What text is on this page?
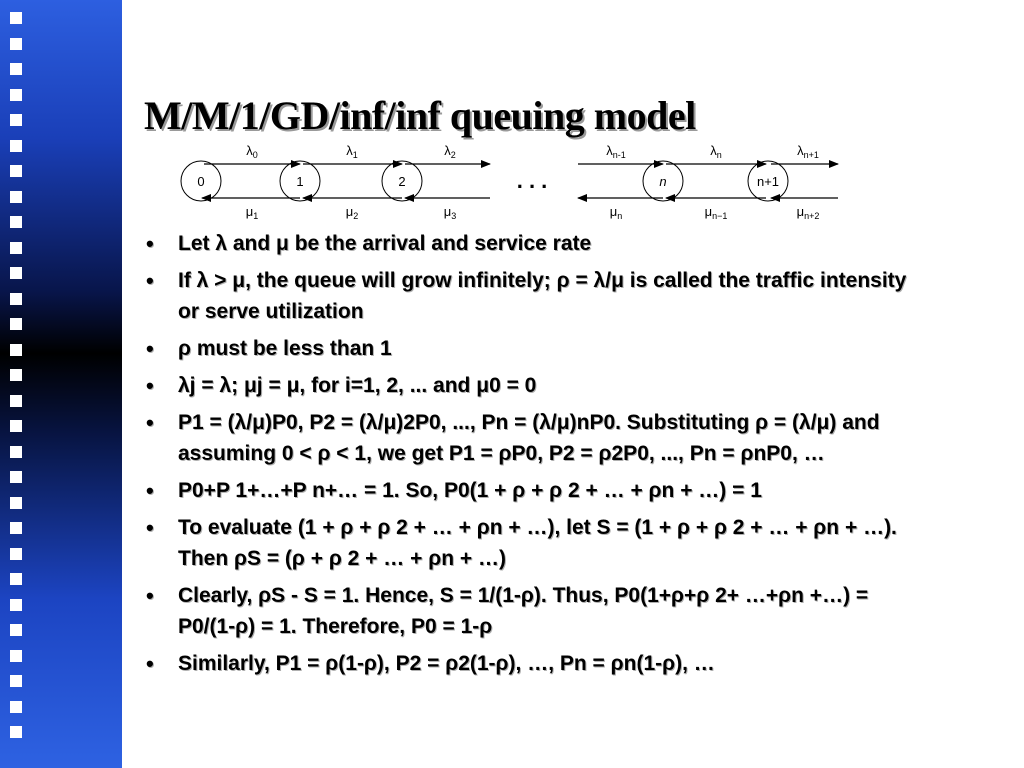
M/M/1/GD/inf/inf queuing model
0	1	2	n	n+1
. . .
$\lambda_0$	$\lambda_1$	$\lambda_2$	$\lambda_{n-1}$	$\lambda_n$	$\lambda_{n+1}$
$\mu_1$	$\mu_2$	$\mu_3$	$\mu_n$	$\mu_{n-1}$	$\mu_{n+2}$
• Let λ and μ be the arrival and service rate
• If λ > μ, the queue will grow infinitely; ρ = λ/μ is called the traffic intensity or serve utilization
• ρ must be less than 1
• λj = λ; μj = μ, for i=1, 2, ... and μ0 = 0
• P1 = (λ/μ)P0, P2 = (λ/μ)2P0, ..., Pn = (λ/μ)nP0. Substituting ρ = (λ/μ) and assuming 0 < ρ < 1, we get P1 = ρP0, P2 = ρ2P0, ..., Pn = ρnP0, …
• P0+P 1+…+P n+… = 1. So, P0(1 + ρ + ρ 2 + … + ρn + …) = 1
• To evaluate (1 + ρ + ρ 2 + … + ρn + …), let S = (1 + ρ + ρ 2 + … + ρn + …). Then ρS = (ρ + ρ 2 + … + ρn + …)
• Clearly, ρS - S = 1. Hence, S = 1/(1-ρ). Thus, P0(1+ρ+ρ 2+ …+ρn +…) = P0/(1-ρ) = 1. Therefore, P0 = 1-ρ
• Similarly, P1 = ρ(1-ρ), P2 = ρ2(1-ρ), …, Pn = ρn(1-ρ), …
